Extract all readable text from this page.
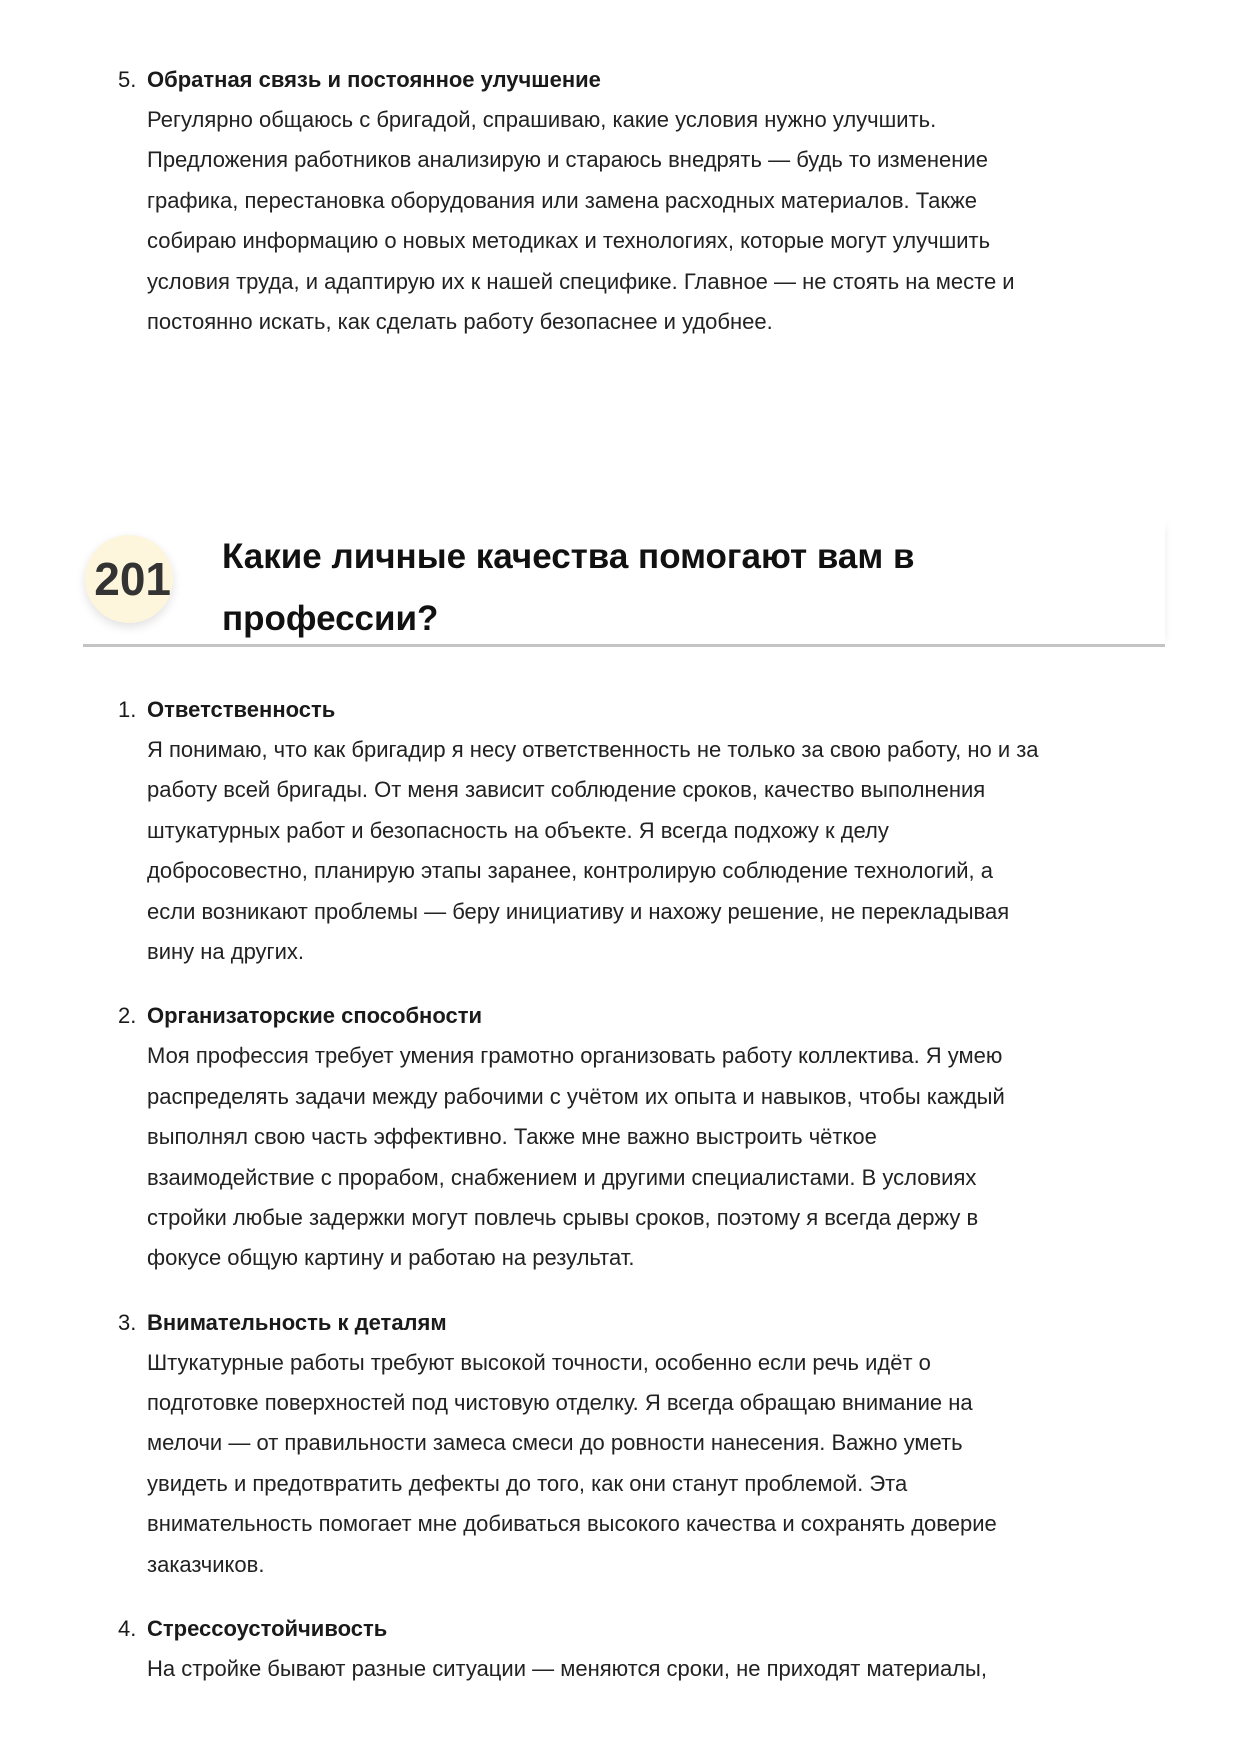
5. Обратная связь и постоянное улучшение
Регулярно общаюсь с бригадой, спрашиваю, какие условия нужно улучшить.
Предложения работников анализирую и стараюсь внедрять — будь то изменение
графика, перестановка оборудования или замена расходных материалов. Также
собираю информацию о новых методиках и технологиях, которые могут улучшить
условия труда, и адаптирую их к нашей специфике. Главное — не стоять на месте и
постоянно искать, как сделать работу безопаснее и удобнее.
201 Какие личные качества помогают вам в
профессии?
1. Ответственность
Я понимаю, что как бригадир я несу ответственность не только за свою работу, но и за
работу всей бригады. От меня зависит соблюдение сроков, качество выполнения
штукатурных работ и безопасность на объекте. Я всегда подхожу к делу
добросовестно, планирую этапы заранее, контролирую соблюдение технологий, а
если возникают проблемы — беру инициативу и нахожу решение, не перекладывая
вину на других.
2. Организаторские способности
Моя профессия требует умения грамотно организовать работу коллектива. Я умею
распределять задачи между рабочими с учётом их опыта и навыков, чтобы каждый
выполнял свою часть эффективно. Также мне важно выстроить чёткое
взаимодействие с прорабом, снабжением и другими специалистами. В условиях
стройки любые задержки могут повлечь срывы сроков, поэтому я всегда держу в
фокусе общую картину и работаю на результат.
3. Внимательность к деталям
Штукатурные работы требуют высокой точности, особенно если речь идёт о
подготовке поверхностей под чистовую отделку. Я всегда обращаю внимание на
мелочи — от правильности замеса смеси до ровности нанесения. Важно уметь
увидеть и предотвратить дефекты до того, как они станут проблемой. Эта
внимательность помогает мне добиваться высокого качества и сохранять доверие
заказчиков.
4. Стрессоустойчивость
На стройке бывают разные ситуации — меняются сроки, не приходят материалы,
